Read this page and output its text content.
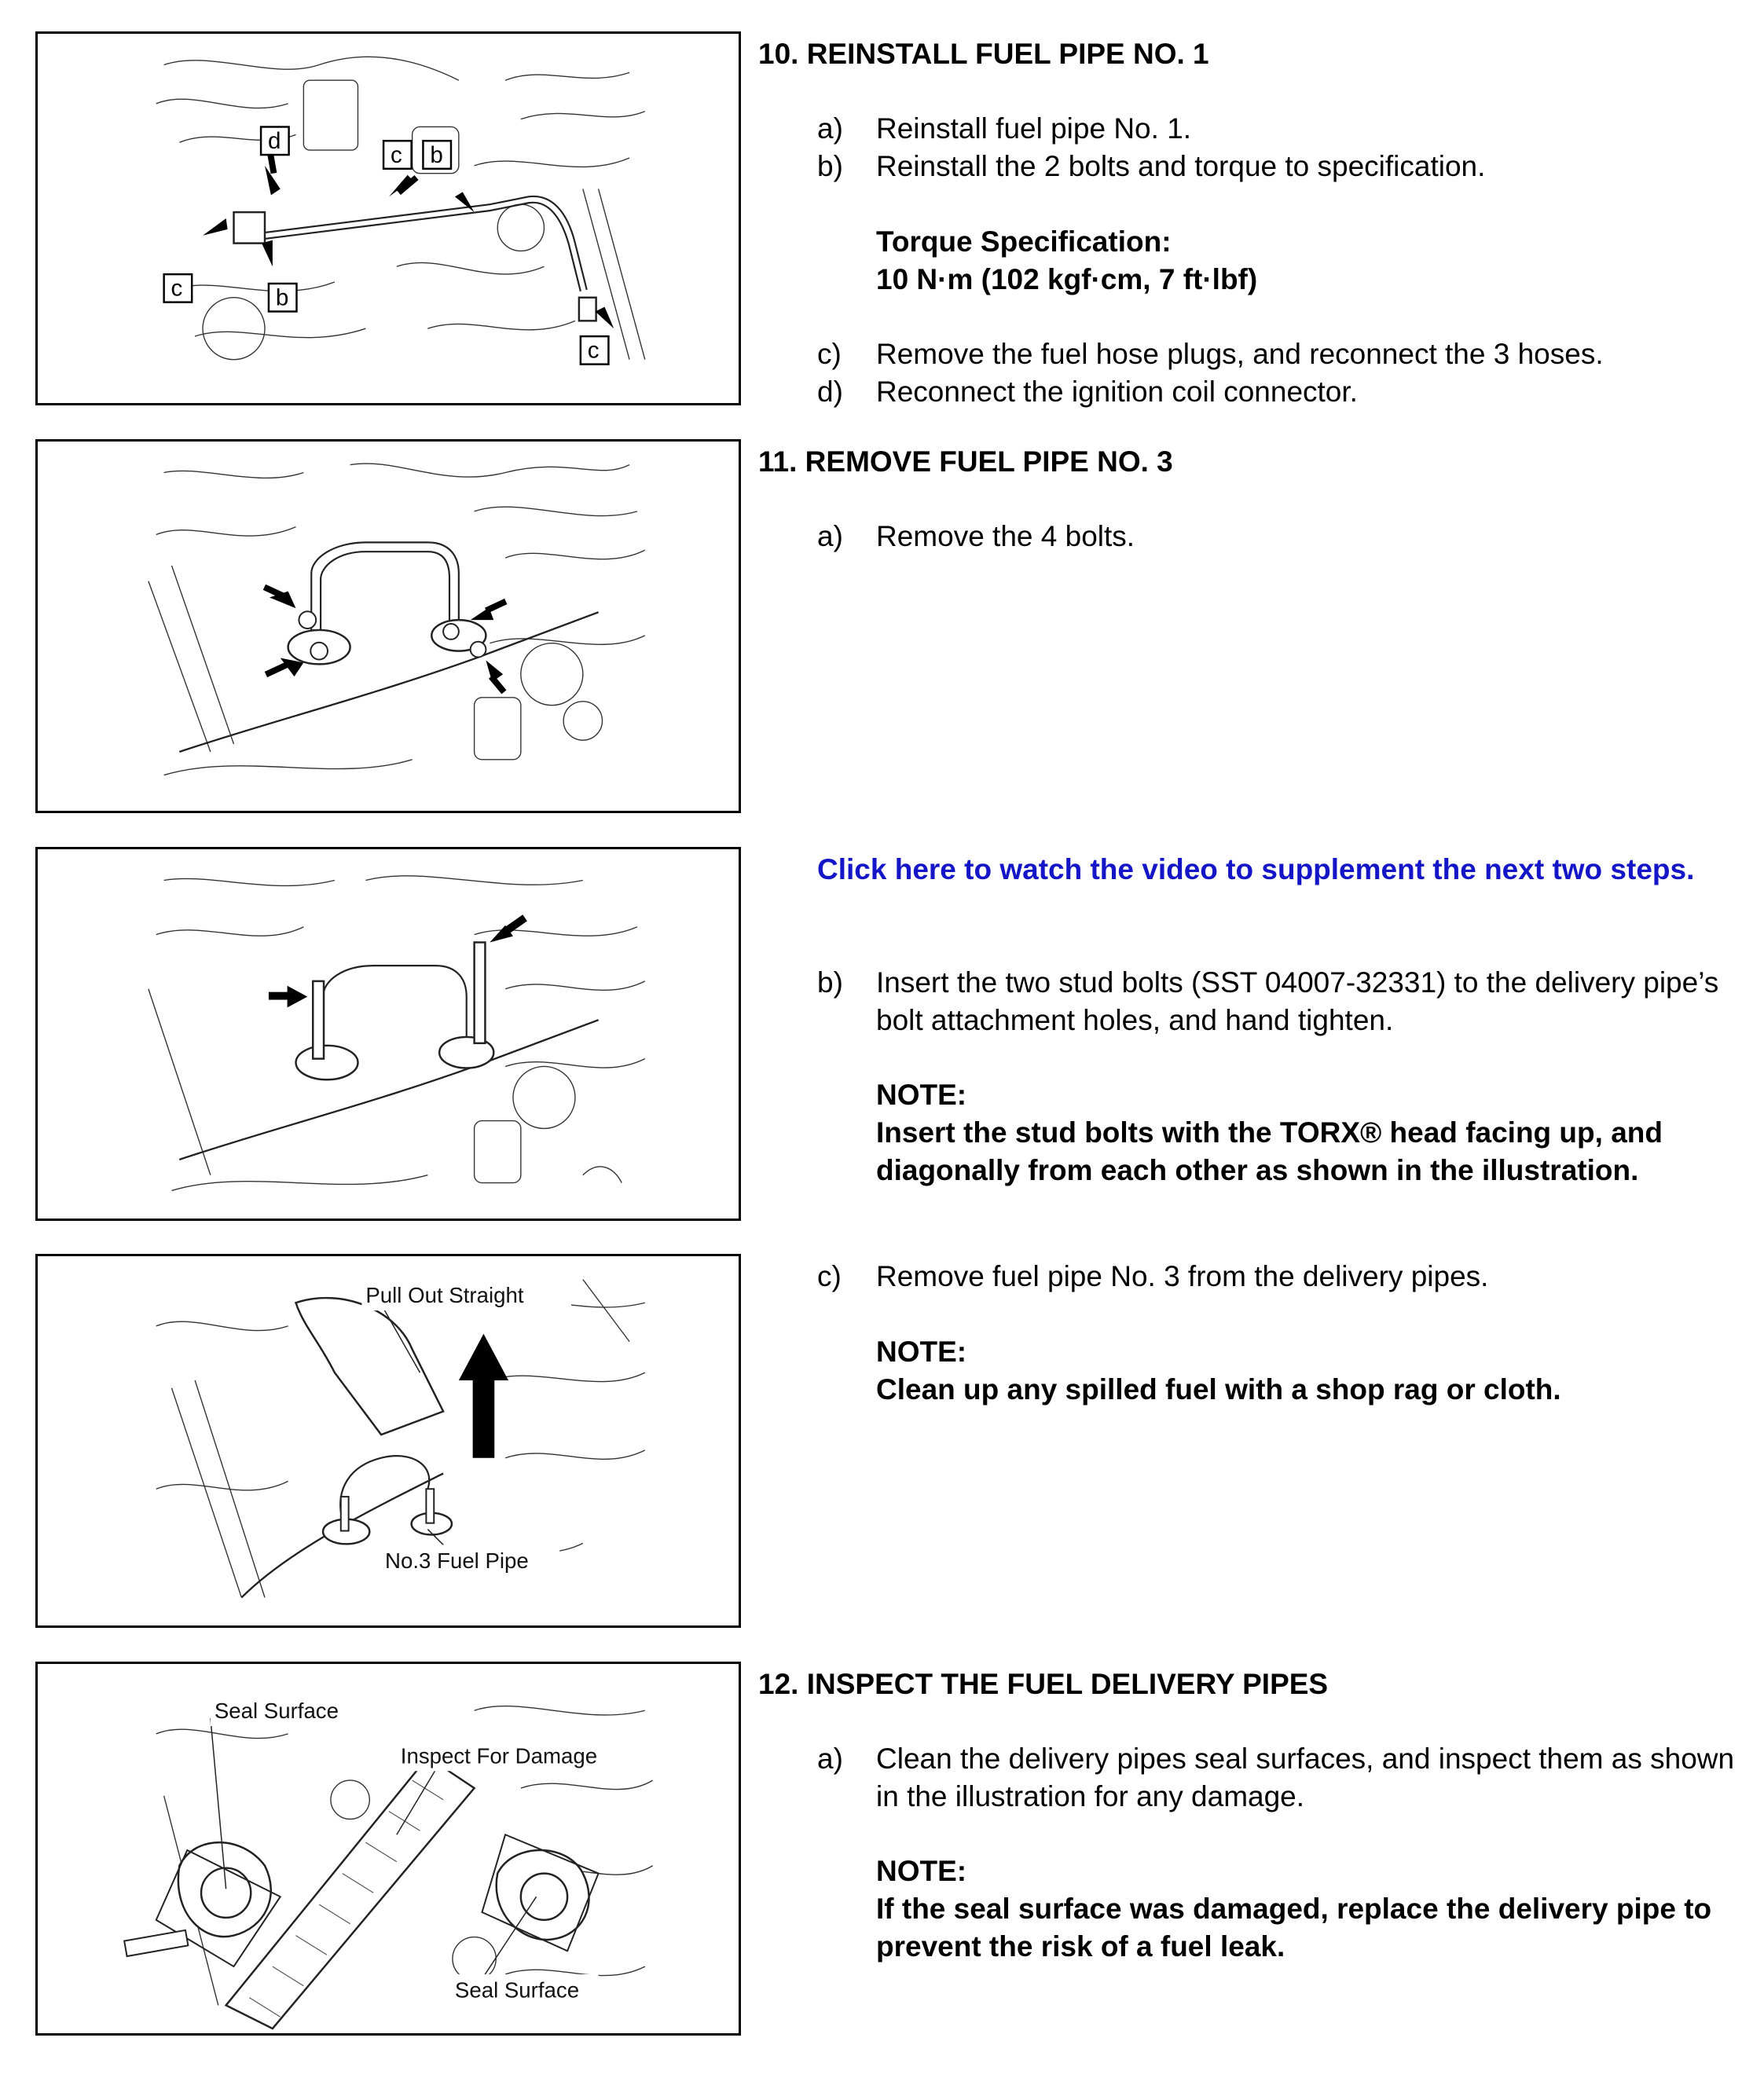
d
c b
c	b
c
Pull Out Straight
No.3 Fuel Pipe
Seal Surface
Inspect For Damage
Seal Surface
10. REINSTALL FUEL PIPE NO. 1
a)	Reinstall fuel pipe No. 1.
b)	Reinstall the 2 bolts and torque to specification.
Torque Specification:
10 N·m (102 kgf·cm, 7 ft·lbf)
c)	Remove the fuel hose plugs, and reconnect the 3 hoses.
d)	Reconnect the ignition coil connector.
11. REMOVE FUEL PIPE NO. 3
a)	Remove the 4 bolts.
Click here to watch the video to supplement the next two steps.
b)	Insert the two stud bolts (SST 04007-32331) to the delivery pipe’s bolt attachment holes, and hand tighten.
NOTE:
Insert the stud bolts with the TORX® head facing up, and diagonally from each other as shown in the illustration.
c)	Remove fuel pipe No. 3 from the delivery pipes.
NOTE:
Clean up any spilled fuel with a shop rag or cloth.
12. INSPECT THE FUEL DELIVERY PIPES
a)	Clean the delivery pipes seal surfaces, and inspect them as shown in the illustration for any damage.
NOTE:
If the seal surface was damaged, replace the delivery pipe to prevent the risk of a fuel leak.
